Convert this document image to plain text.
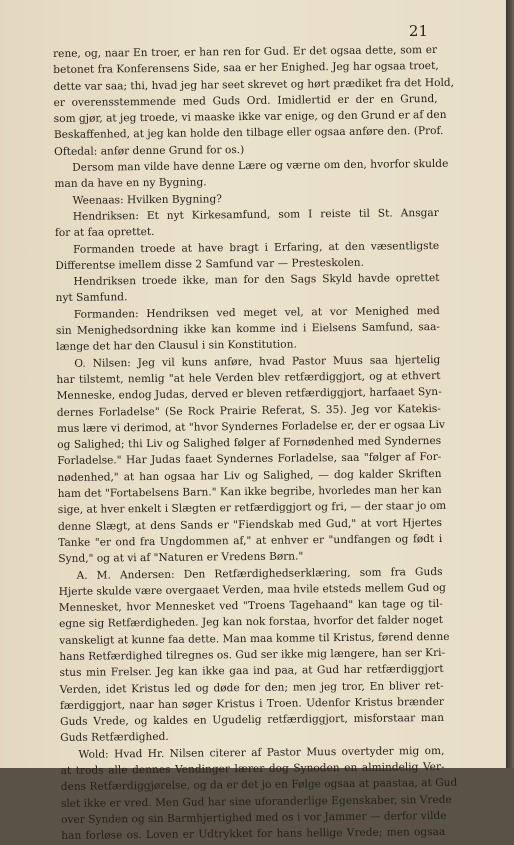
21
rene, og, naar En troer, er han ren for Gud. Er det ogsaa dette, som er
betonet fra Konferensens Side, saa er her Enighed. Jeg har ogsaa troet,
dette var saa; thi, hvad jeg har seet skrevet og hørt prædiket fra det Hold,
er overensstemmende med Guds Ord. Imidlertid er der en Grund,
som gjør, at jeg troede, vi maaske ikke var enige, og den Grund er af den
Beskaffenhed, at jeg kan holde den tilbage eller ogsaa anføre den. (Prof.
Oftedal: anfør denne Grund for os.)
Dersom man vilde have denne Lære og værne om den, hvorfor skulde
man da have en ny Bygning.
Weenaas: Hvilken Bygning?
Hendriksen: Et nyt Kirkesamfund, som I reiste til St. Ansgar
for at faa oprettet.
Formanden troede at have bragt i Erfaring, at den væsentligste
Differentse imellem disse 2 Samfund var — Presteskolen.
Hendriksen troede ikke, man for den Sags Skyld havde oprettet
nyt Samfund.
Formanden: Hendriksen ved meget vel, at vor Menighed med
sin Menighedsordning ikke kan komme ind i Eielsens Samfund, saa-
længe det har den Clausul i sin Konstitution.
O. Nilsen: Jeg vil kuns anføre, hvad Pastor Muus saa hjertelig
har tilstemt, nemlig "at hele Verden blev retfærdiggjort, og at ethvert
Menneske, endog Judas, derved er bleven retfærdiggjort, harfaaet Syn-
dernes Forladelse" (Se Rock Prairie Referat, S. 35). Jeg vor Katekis-
mus lære vi derimod, at "hvor Syndernes Forladelse er, der er ogsaa Liv
og Salighed; thi Liv og Salighed følger af Fornødenhed med Syndernes
Forladelse." Har Judas faaet Syndernes Forladelse, saa "følger af For-
nødenhed," at han ogsaa har Liv og Salighed, — dog kalder Skriften
ham det "Fortabelsens Barn." Kan ikke begribe, hvorledes man her kan
sige, at hver enkelt i Slægten er retfærdiggjort og fri, — der staar jo om
denne Slægt, at dens Sands er "Fiendskab med Gud," at vort Hjertes
Tanke "er ond fra Ungdommen af," at enhver er "undfangen og født i
Synd," og at vi af "Naturen er Vredens Børn."
A. M. Andersen: Den Retfærdighedserklæring, som fra Guds
Hjerte skulde være overgaaet Verden, maa hvile etsteds mellem Gud og
Mennesket, hvor Mennesket ved "Troens Tagehaand" kan tage og til-
egne sig Retfærdigheden. Jeg kan nok forstaa, hvorfor det falder noget
vanskeligt at kunne faa dette. Man maa komme til Kristus, førend denne
hans Retfærdighed tilregnes os. Gud ser ikke mig længere, han ser Kri-
stus min Frelser. Jeg kan ikke gaa ind paa, at Gud har retfærdiggjort
Verden, idet Kristus led og døde for den; men jeg tror, En bliver ret-
færdiggjort, naar han søger Kristus i Troen. Udenfor Kristus brænder
Guds Vrede, og kaldes en Ugudelig retfærdiggjort, misforstaar man
Guds Retfærdighed.
Wold: Hvad Hr. Nilsen citerer af Pastor Muus overtyder mig om,
at trods alle dennes Vendinger lærer dog Synoden en almindelig Ver-
dens Retfærdiggjørelse, og da er det jo en Følge ogsaa at paastaa, at Gud
slet ikke er vred. Men Gud har sine uforanderlige Egenskaber, sin Vrede
over Synden og sin Barmhjertighed med os i vor Jammer — derfor vilde
han forløse os. Loven er Udtrykket for hans hellige Vrede; men ogsaa
